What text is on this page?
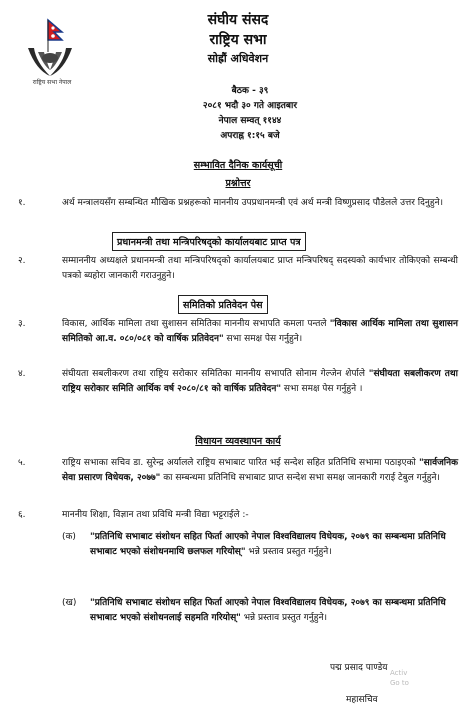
राष्ट्रिय सभा नेपाल
संघीय संसद
राष्ट्रिय सभा
सोह्रौं अधिवेशन
बैठक - ३९
२०८१ भदौ ३० गते आइतबार
नेपाल सम्वत् ११४४
अपराह्न १:१५ बजे
सम्भावित दैनिक कार्यसूची
प्रश्नोत्तर
१.	अर्थ मन्त्रालयसँग सम्बन्धित मौखिक प्रश्नहरूको माननीय उपप्रधानमन्त्री एवं अर्थ मन्त्री विष्णुप्रसाद पौडेलले उत्तर दिनुहुने।
प्रधानमन्त्री तथा मन्त्रिपरिषद्को कार्यालयबाट प्राप्त पत्र
२.	सम्माननीय अध्यक्षले प्रधानमन्त्री तथा मन्त्रिपरिषद्को कार्यालयबाट प्राप्त मन्त्रिपरिषद् सदस्यको कार्यभार तोकिएको सम्बन्धी पत्रको ब्यहोरा जानकारी गराउनुहुने।
समितिको प्रतिवेदन पेस
३.	विकास, आर्थिक मामिला तथा सुशासन समितिका माननीय सभापति कमला पन्तले "विकास आर्थिक मामिला तथा सुशासन समितिको आ.व. ०८०/०८१ को वार्षिक प्रतिवेदन" सभा समक्ष पेस गर्नुहुने।
४.	संघीयता सबलीकरण तथा राष्ट्रिय सरोकार समितिका माननीय सभापति सोनाम गेल्जेन शेर्पाले "संघीयता सबलीकरण तथा राष्ट्रिय सरोकार समिति आर्थिक वर्ष २०८०/८१ को वार्षिक प्रतिवेदन" सभा समक्ष पेस गर्नुहुने ।
विधायन व्यवस्थापन कार्य
५.	राष्ट्रिय सभाका सचिव डा. सुरेन्द्र अर्यालले राष्ट्रिय सभाबाट पारित भई सन्देश सहित प्रतिनिधि सभामा पठाइएको "सार्वजनिक सेवा प्रसारण विधेयक, २०७७" का सम्बन्धमा प्रतिनिधि सभाबाट प्राप्त सन्देश सभा समक्ष जानकारी गराई टेबुल गर्नुहुने।
६.	माननीय शिक्षा, विज्ञान तथा प्रविधि मन्त्री विद्या भट्टराईले :-
(क) "प्रतिनिधि सभाबाट संशोधन सहित फिर्ता आएको नेपाल विश्वविद्यालय विधेयक, २०७९ का सम्बन्धमा प्रतिनिधि सभाबाट भएको संशोधनमाथि छलफल गरियोस्" भन्ने प्रस्ताव प्रस्तुत गर्नुहुने।
(ख) "प्रतिनिधि सभाबाट संशोधन सहित फिर्ता आएको नेपाल विश्वविद्यालय विधेयक, २०७९ का सम्बन्धमा प्रतिनिधि सभाबाट भएको संशोधनलाई सहमति गरियोस्" भन्ने प्रस्ताव प्रस्तुत गर्नुहुने।
पद्म प्रसाद पाण्डेय
महासचिव
Activ
Go to
